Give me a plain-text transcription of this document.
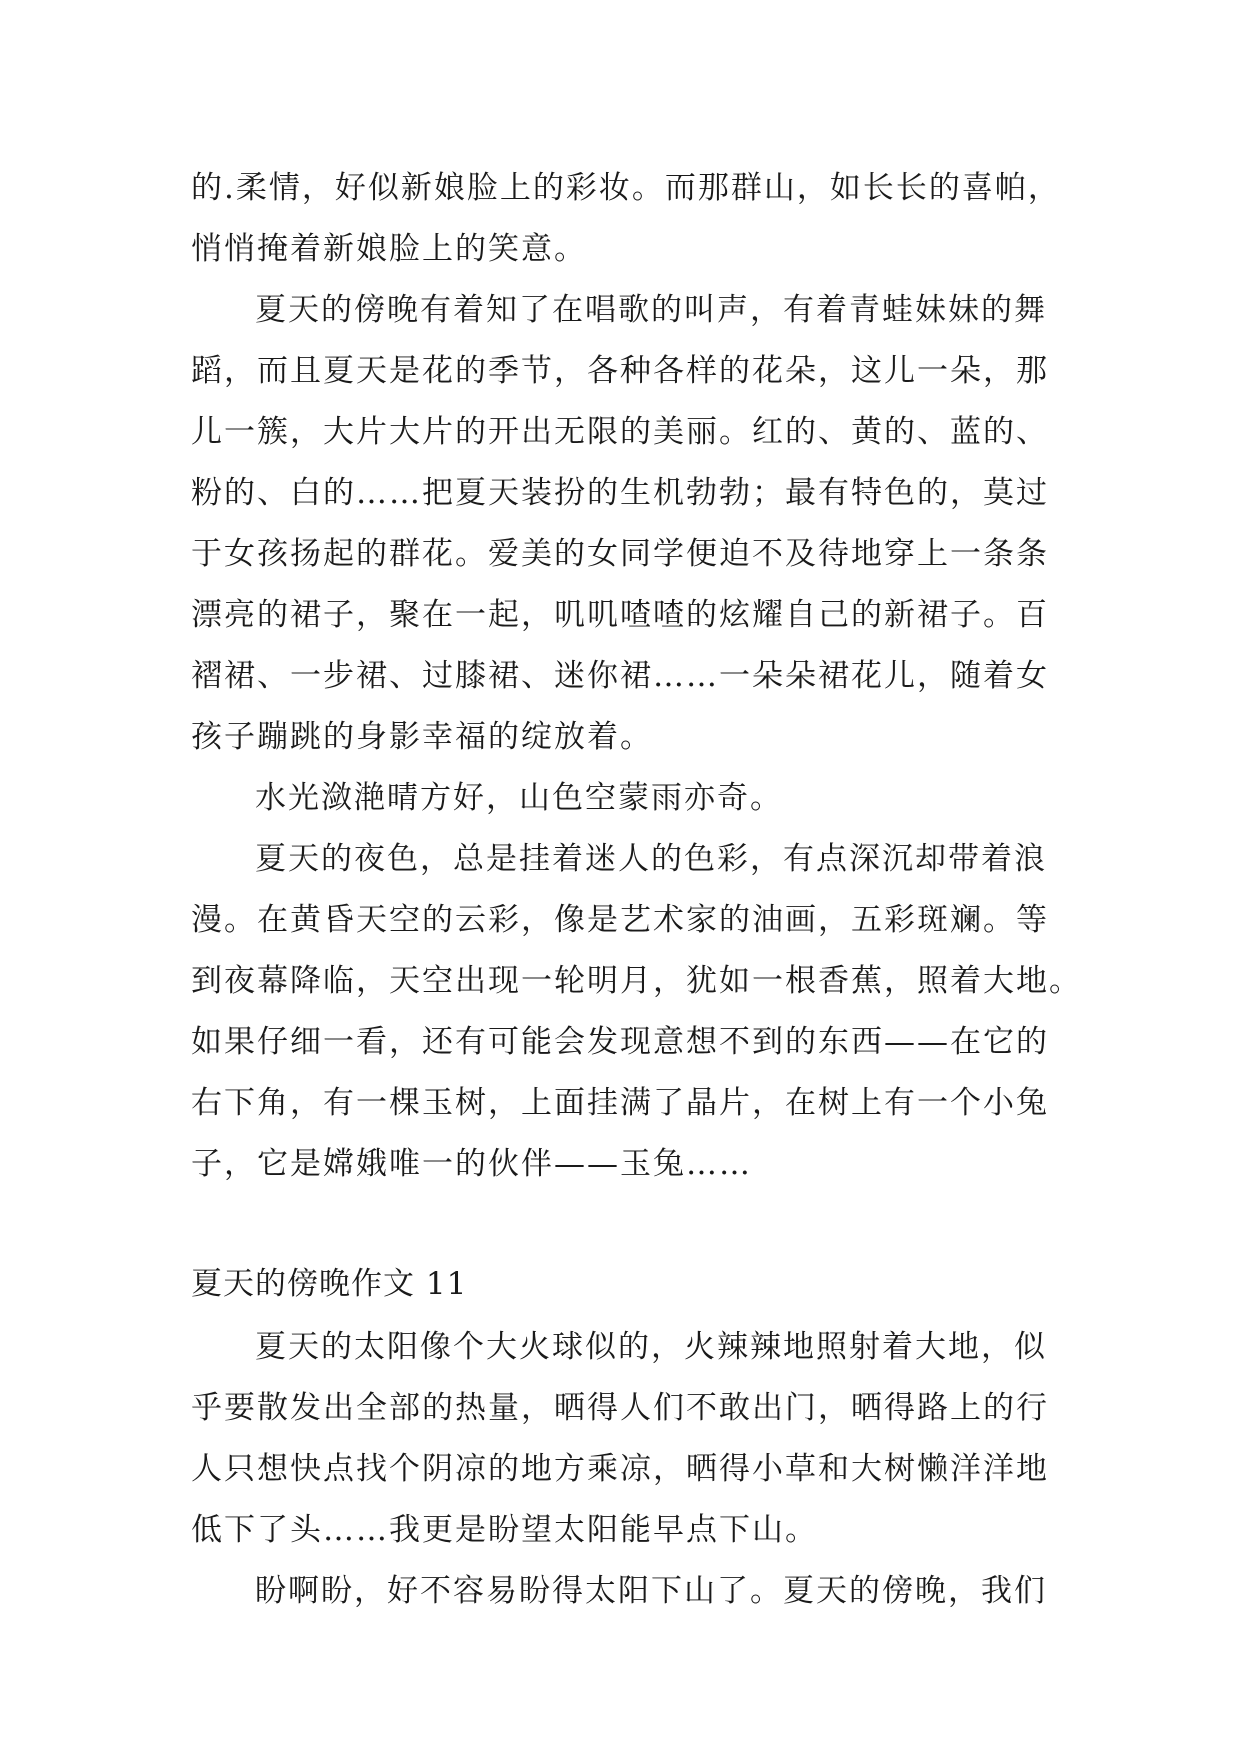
的.柔情，好似新娘脸上的彩妆。而那群山，如长长的喜帕，
悄悄掩着新娘脸上的笑意。
夏天的傍晚有着知了在唱歌的叫声，有着青蛙妹妹的舞
蹈，而且夏天是花的季节，各种各样的花朵，这儿一朵，那
儿一簇，大片大片的开出无限的美丽。红的、黄的、蓝的、
粉的、白的……把夏天装扮的生机勃勃；最有特色的，莫过
于女孩扬起的群花。爱美的女同学便迫不及待地穿上一条条
漂亮的裙子，聚在一起，叽叽喳喳的炫耀自己的新裙子。百
褶裙、一步裙、过膝裙、迷你裙……一朵朵裙花儿，随着女
孩子蹦跳的身影幸福的绽放着。
水光潋滟晴方好，山色空蒙雨亦奇。
夏天的夜色，总是挂着迷人的色彩，有点深沉却带着浪
漫。在黄昏天空的云彩，像是艺术家的油画，五彩斑斓。等
到夜幕降临，天空出现一轮明月，犹如一根香蕉，照着大地。
如果仔细一看，还有可能会发现意想不到的东西——在它的
右下角，有一棵玉树，上面挂满了晶片，在树上有一个小兔
子，它是嫦娥唯一的伙伴——玉兔……
夏天的傍晚作文 11
夏天的太阳像个大火球似的，火辣辣地照射着大地，似
乎要散发出全部的热量，晒得人们不敢出门，晒得路上的行
人只想快点找个阴凉的地方乘凉，晒得小草和大树懒洋洋地
低下了头……我更是盼望太阳能早点下山。
盼啊盼，好不容易盼得太阳下山了。夏天的傍晚，我们
